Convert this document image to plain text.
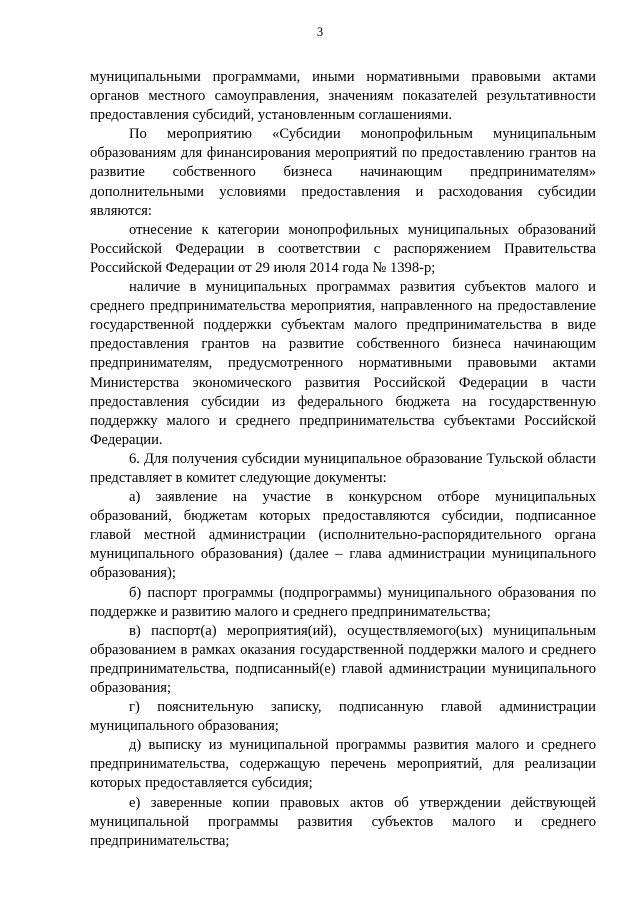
3

муниципальными программами, иными нормативными правовыми актами органов местного самоуправления, значениям показателей результативности предоставления субсидий, установленным соглашениями.

По мероприятию «Субсидии монопрофильным муниципальным образованиям для финансирования мероприятий по предоставлению грантов на развитие собственного бизнеса начинающим предпринимателям» дополнительными условиями предоставления и расходования субсидии являются:

отнесение к категории монопрофильных муниципальных образований Российской Федерации в соответствии с распоряжением Правительства Российской Федерации от 29 июля 2014 года № 1398-р;

наличие в муниципальных программах развития субъектов малого и среднего предпринимательства мероприятия, направленного на предоставление государственной поддержки субъектам малого предпринимательства в виде предоставления грантов на развитие собственного бизнеса начинающим предпринимателям, предусмотренного нормативными правовыми актами Министерства экономического развития Российской Федерации в части предоставления субсидии из федерального бюджета на государственную поддержку малого и среднего предпринимательства субъектами Российской Федерации.

6. Для получения субсидии муниципальное образование Тульской области представляет в комитет следующие документы:

а) заявление на участие в конкурсном отборе муниципальных образований, бюджетам которых предоставляются субсидии, подписанное главой местной администрации (исполнительно-распорядительного органа муниципального образования) (далее – глава администрации муниципального образования);

б) паспорт программы (подпрограммы) муниципального образования по поддержке и развитию малого и среднего предпринимательства;

в) паспорт(а) мероприятия(ий), осуществляемого(ых) муниципальным образованием в рамках оказания государственной поддержки малого и среднего предпринимательства, подписанный(е) главой администрации муниципального образования;

г) пояснительную записку, подписанную главой администрации муниципального образования;

д) выписку из муниципальной программы развития малого и среднего предпринимательства, содержащую перечень мероприятий, для реализации которых предоставляется субсидия;

е) заверенные копии правовых актов об утверждении действующей муниципальной программы развития субъектов малого и среднего предпринимательства;
